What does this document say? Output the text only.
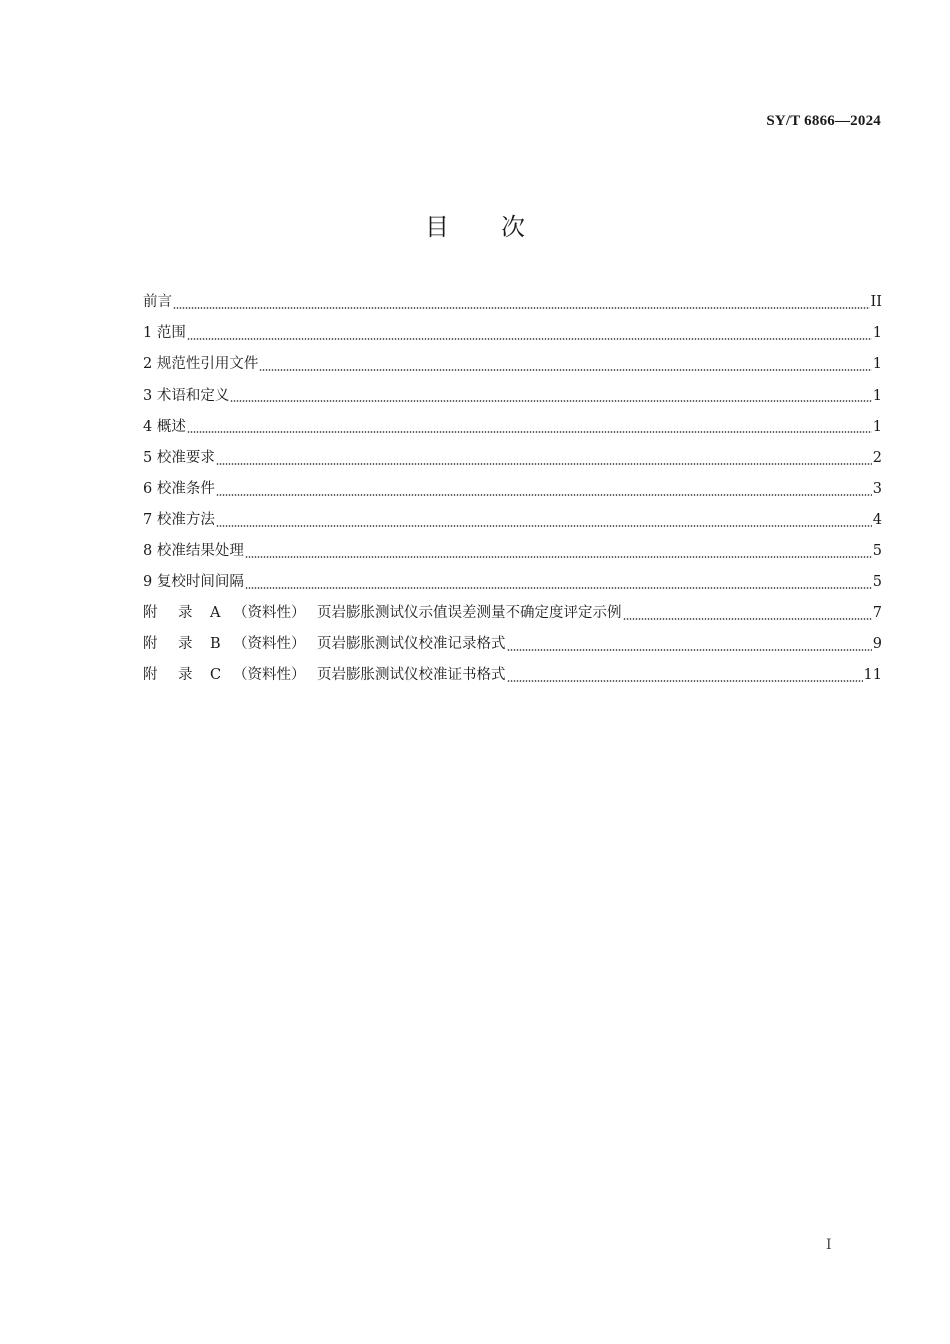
SY/T 6866—2024
目 次
前言	II
1 范围	1
2 规范性引用文件	1
3 术语和定义	1
4 概述	1
5 校准要求	2
6 校准条件	3
7 校准方法	4
8 校准结果处理	5
9 复校时间间隔	5
附 录 A （资料性） 页岩膨胀测试仪示值误差测量不确定度评定示例	7
附 录 B （资料性） 页岩膨胀测试仪校准记录格式	9
附 录 C （资料性） 页岩膨胀测试仪校准证书格式	11
I
